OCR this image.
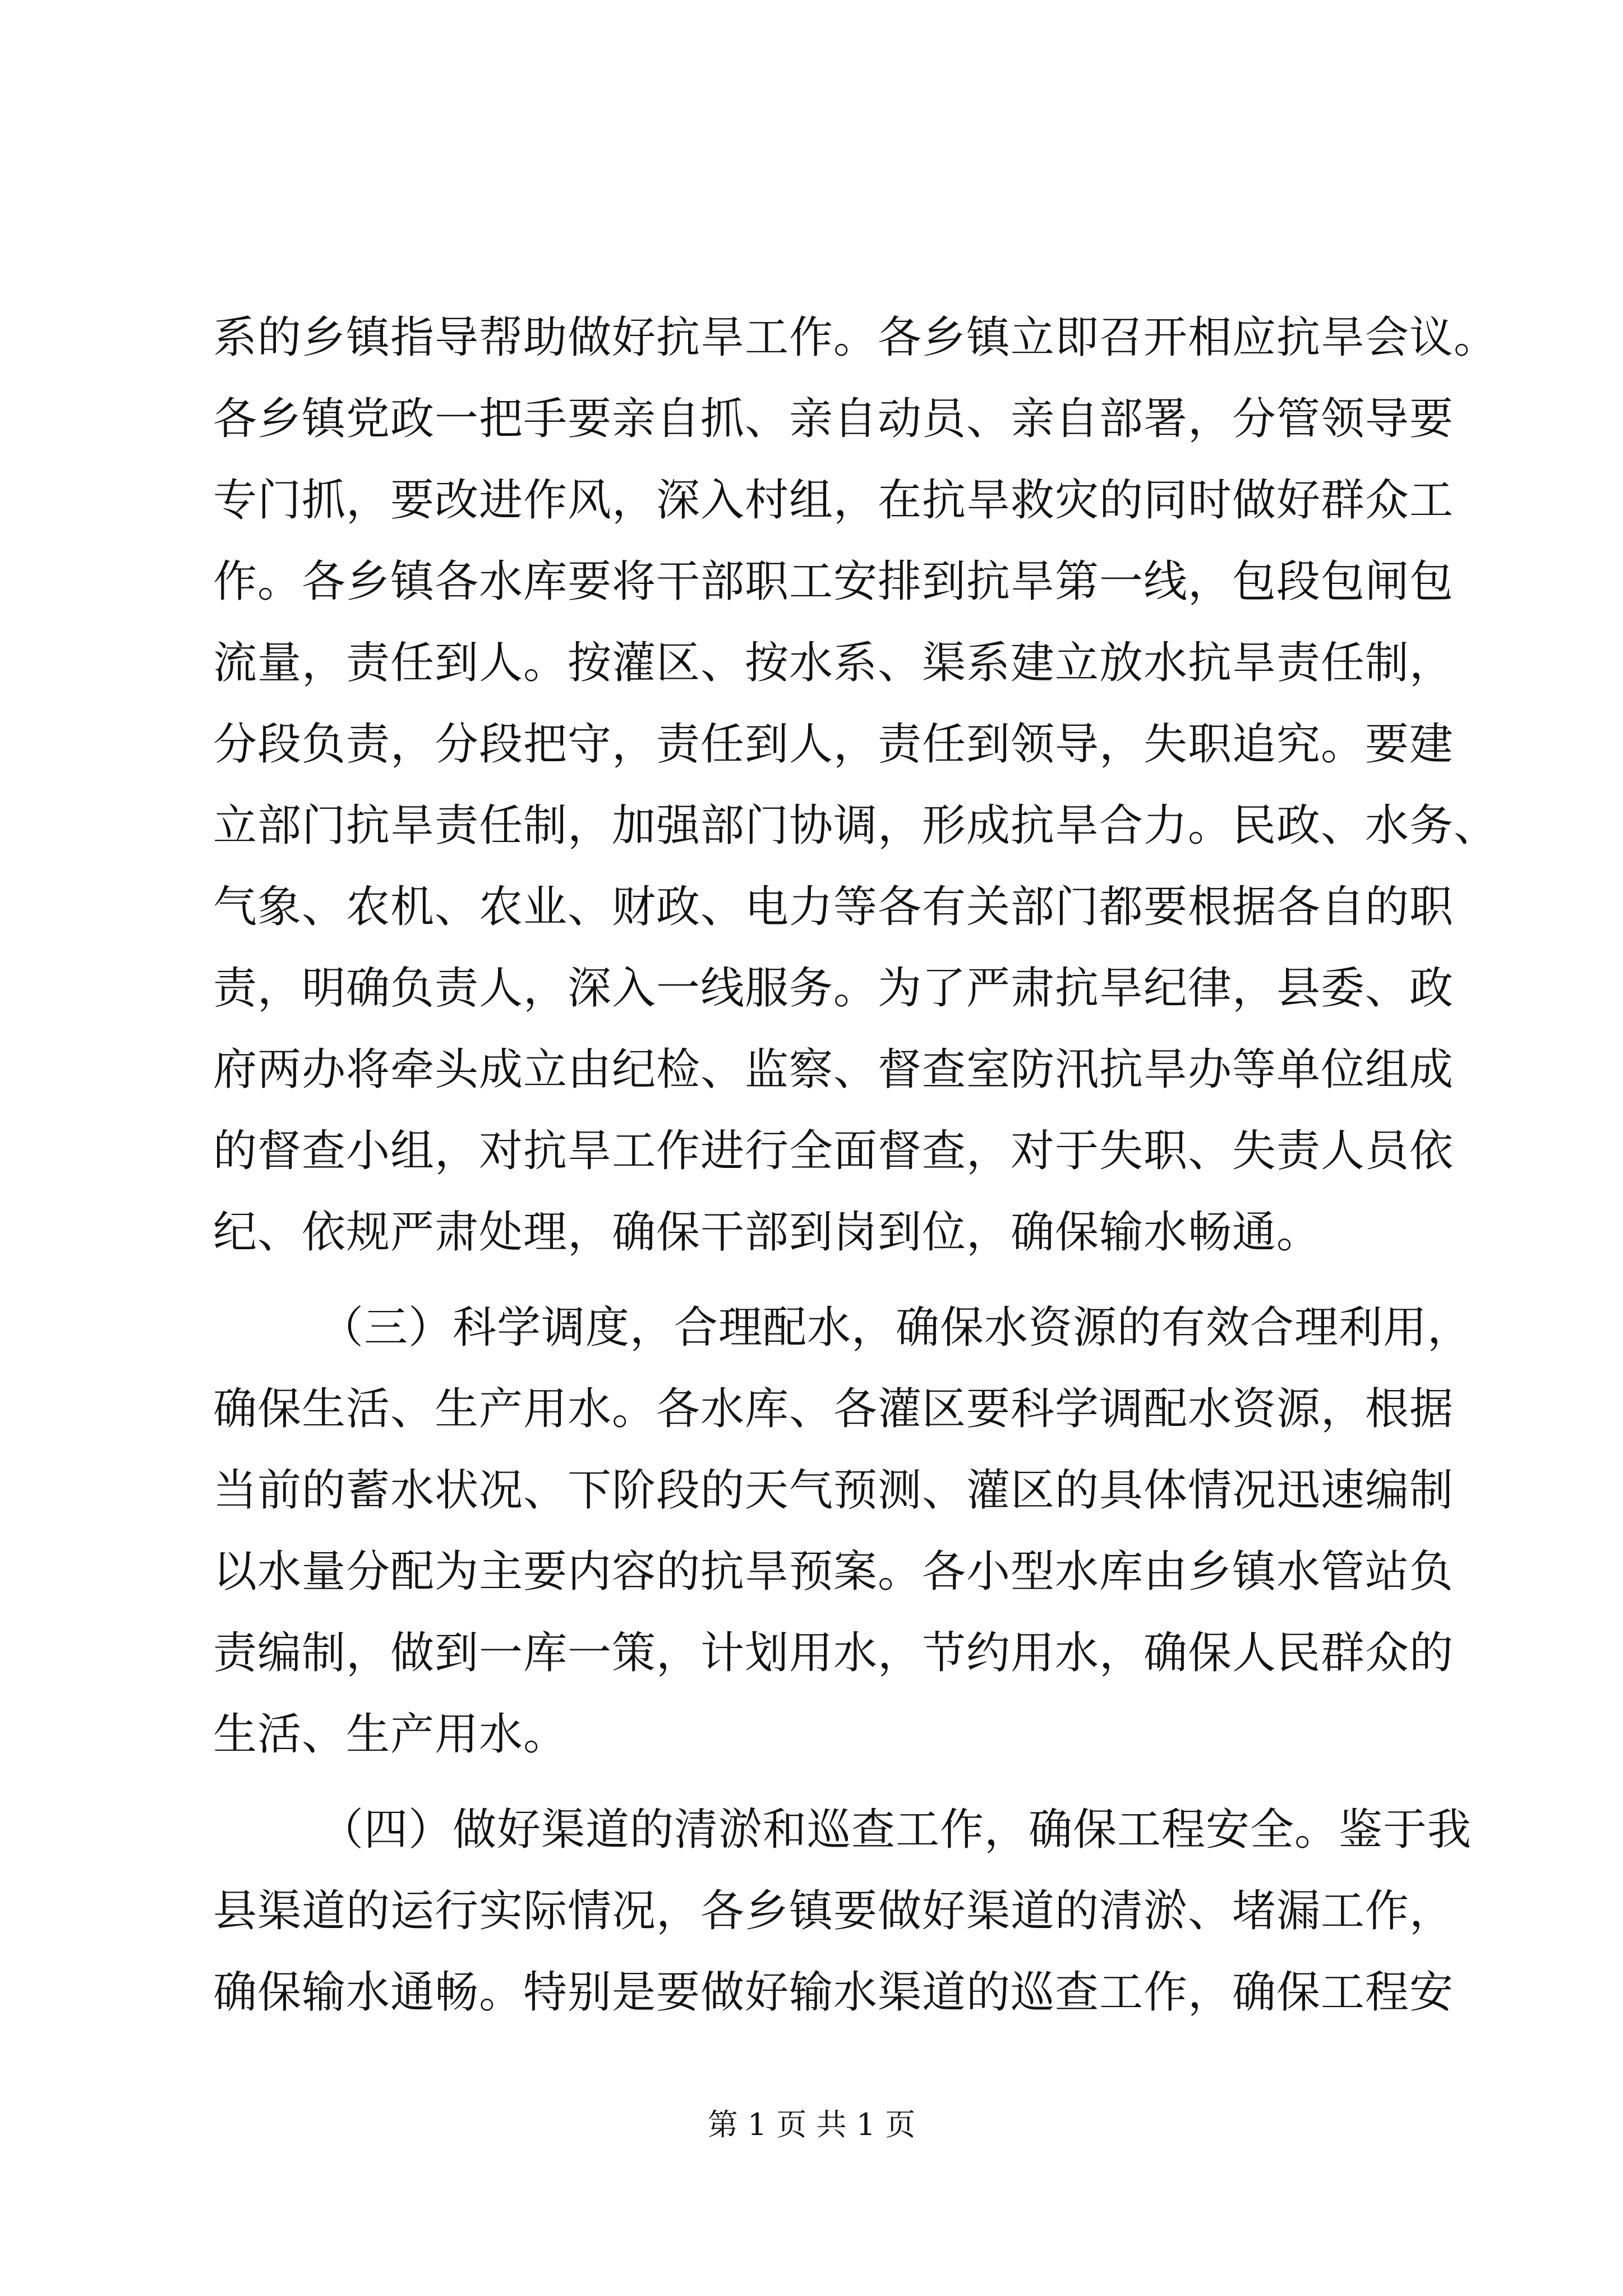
系的乡镇指导帮助做好抗旱工作。各乡镇立即召开相应抗旱会议。
各乡镇党政一把手要亲自抓、亲自动员、亲自部署，分管领导要
专门抓，要改进作风，深入村组，在抗旱救灾的同时做好群众工
作。各乡镇各水库要将干部职工安排到抗旱第一线，包段包闸包
流量，责任到人。按灌区、按水系、渠系建立放水抗旱责任制，
分段负责，分段把守，责任到人，责任到领导，失职追究。要建
立部门抗旱责任制，加强部门协调，形成抗旱合力。民政、水务、
气象、农机、农业、财政、电力等各有关部门都要根据各自的职
责，明确负责人，深入一线服务。为了严肃抗旱纪律，县委、政
府两办将牵头成立由纪检、监察、督查室防汛抗旱办等单位组成
的督查小组，对抗旱工作进行全面督查，对于失职、失责人员依
纪、依规严肃处理，确保干部到岗到位，确保输水畅通。
（三）科学调度，合理配水，确保水资源的有效合理利用，
确保生活、生产用水。各水库、各灌区要科学调配水资源，根据
当前的蓄水状况、下阶段的天气预测、灌区的具体情况迅速编制
以水量分配为主要内容的抗旱预案。各小型水库由乡镇水管站负
责编制，做到一库一策，计划用水，节约用水，确保人民群众的
生活、生产用水。
（四）做好渠道的清淤和巡查工作，确保工程安全。鉴于我
县渠道的运行实际情况，各乡镇要做好渠道的清淤、堵漏工作，
确保输水通畅。特别是要做好输水渠道的巡查工作，确保工程安
第 1 页 共 1 页
